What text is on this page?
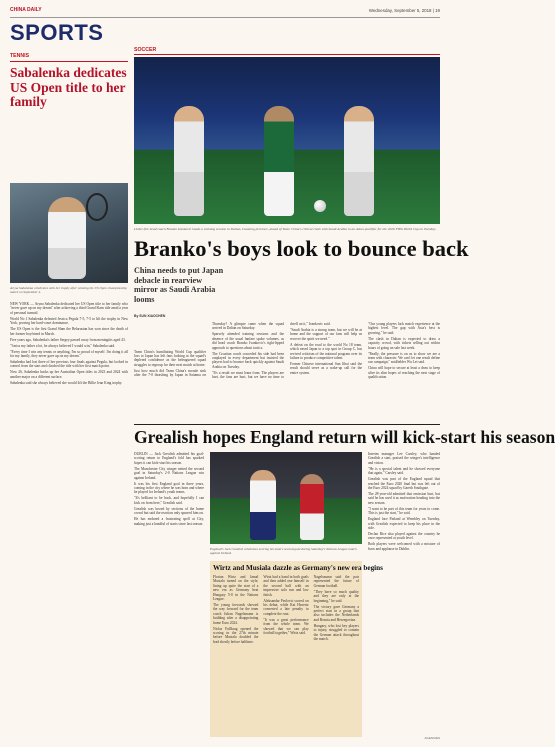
CHINA DAILY	Wednesday, September 5, 2018 | 19
SPORTS
TENNIS
Sabalenka dedicates US Open title to her family
Aryna Sabalenka celebrates with her trophy after winning the US Open championship match on September 4.

NEW YORK — Aryna Sabalenka dedicated her US Open title to her family who "never gave up on my dream" after achieving a third Grand Slam title amid a year of personal turmoil.

World No 1 Sabalenka defeated Jessica Pegula 7-5, 7-5 to lift the trophy in New York, proving her hard-court dominance.

The US Open is the first Grand Slam the Belarusian has won since the death of her former boyfriend in March.

Five years ago, Sabalenka's father Sergey passed away from meningitis aged 43.

"I miss my father a lot, he always believed I would win," Sabalenka said.

"Every time I win any tennis or anything, I'm so proud of myself. I'm doing it all for my family, they never gave up on my dream."

Sabalenka had lost three of her previous four finals against Pegula, but looked in control from the start and clinched the title with her first match point.

Now 26, Sabalenka backs up her Australian Open titles in 2023 and 2024 with another major on a different surface.

Sabalenka said she always believed she would lift the Billie Jean King trophy.

SOCCER
Under-fire head coach Branko Ivankovic heads a training session in Dalian, Liaoning province, ahead of Team China's critical clash with Saudi Arabia in an Asian qualifier for the 2026 FIFA World Cup on Tuesday.
Branko's boys look to bounce back
China needs to put Japan debacle in rearview mirror as Saudi Arabia looms
By SUN XIAOCHEN

Team China's humiliating World Cup qualifier loss to Japan has left fans looking at the squad's depleted confidence as the beleaguered squad struggles to regroup for their next match at home.

Just how much did Team China's morale sink after the 7-0 thrashing by Japan in Saitama on Thursday? A glimpse came when the squad arrived in Dalian on Saturday.

Sparsely attended training sessions and the absence of the usual fanfare spoke volumes, as did head coach Branko Ivankovic's tight-lipped approach to questions about tactics.

The Croatian coach conceded his side had been outplayed in every department but insisted the players had to bounce back quickly against Saudi Arabia on Tuesday.

"It's a result we must learn from. The players are hurt, the fans are hurt, but we have no time to dwell on it," Ivankovic said.

"Saudi Arabia is a strong team, but we will be at home and the support of our fans will help us recover the spirit we need."

A defeat on the road to the world No 18 team, which eased Japan to a top spot in Group C, has revived criticism of the national program over its failure to produce competitive talent.

Former Chinese international Sun Jihai said the result should serve as a wake-up call for the entire system.

"Our young players lack match experience at the highest level. The gap with Asia's best is growing," he said.

The clash in Dalian is expected to draw a capacity crowd, with tickets selling out within hours of going on sale last week.

"Really, the pressure is on us to show we are a team with character. We can't let one result define our campaign," midfielder Wu Lei said.

China will hope to secure at least a draw to keep alive its slim hopes of reaching the next stage of qualification.

Grealish hopes England return will kick-start his season

DUBLIN — Jack Grealish admitted his goal-scoring return to England's fold has sparked hopes it can kick-start his season.

The Manchester City winger netted the second goal in Saturday's 2-0 Nations League win against Ireland.

It was his first England goal in three years, coming in the city where he was born and where he played for Ireland's youth teams.

"It's brilliant to be back, and hopefully I can kick on from here," Grealish said.

Grealish was booed by sections of the home crowd but said the reaction only spurred him on.

He has endured a frustrating spell at City, making just a handful of starts since last season.

England's Jack Grealish celebrates scoring his team's second goal during Saturday's Nations League match against Ireland.

Interim manager Lee Carsley, who handed Grealish a start, praised the winger's intelligence and vision.

"He is a special talent and he showed everyone that again," Carsley said.

Grealish was part of the England squad that reached the Euro 2020 final but was left out of the Euro 2024 squad by Gareth Southgate.

The 28-year-old admitted that omission hurt, but said he has used it as motivation heading into the new season.

"I want to be part of this team for years to come. This is just the start," he said.

England face Finland at Wembley on Tuesday, with Grealish expected to keep his place in the side.

Declan Rice also played against the country he once represented at youth level.

Both players were welcomed with a mixture of boos and applause in Dublin.

Wirtz and Musiala dazzle as Germany's new era begins

Florian Wirtz and Jamal Musiala turned on the style, lining up quite the start of a new era as Germany beat Hungary 5-0 in the Nations League.

The young forwards showed the way forward for the team coach Julian Nagelsmann is building after a disappointing home Euro 2024.

Niclas Fullkrug opened the scoring in the 27th minute before Musiala doubled the lead shortly before halftime.

Wirtz had a hand in both goals and then added one himself in the second half with an impressive solo run and low finish.

Aleksandar Pavlovic scored on his debut, while Kai Havertz converted a late penalty to complete the rout.

"It was a great performance from the whole team. We showed that we can play football together," Wirtz said.

Nagelsmann said the pair represented the future of German football.

"They have so much quality and they are only at the beginning," he said.

The victory gave Germany a perfect start in a group that also includes the Netherlands and Bosnia and Herzegovina.

Hungary, who lost key players to injury, struggled to contain the German attack throughout the match.

AGENCIES
